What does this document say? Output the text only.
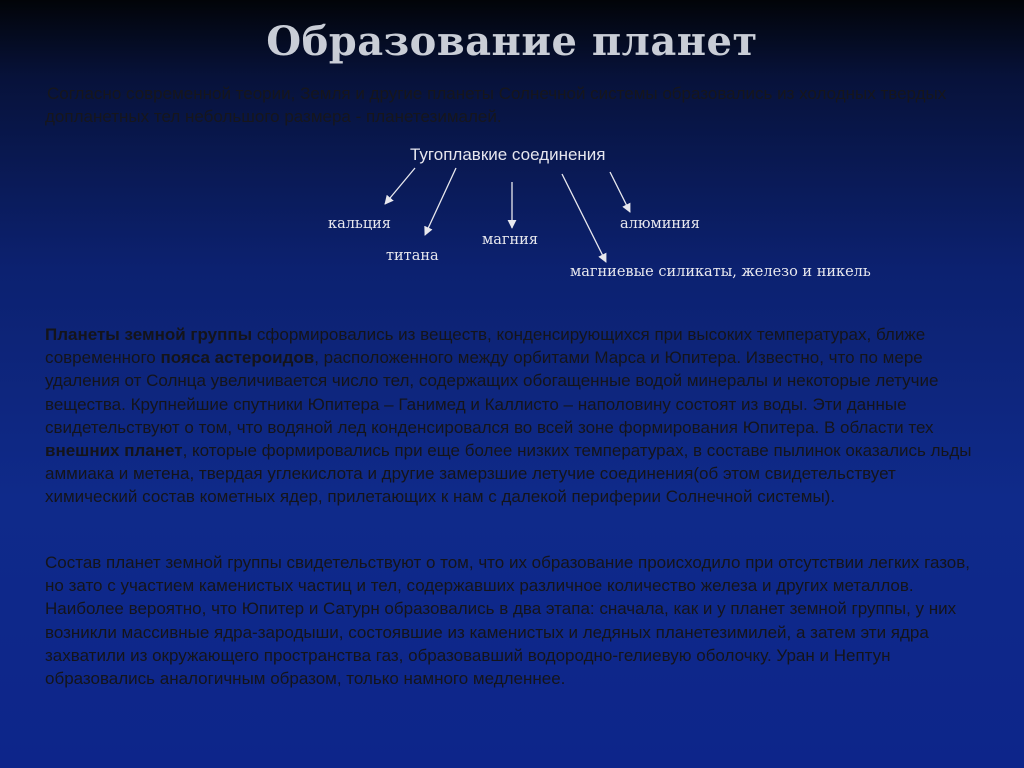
Образование планет
Согласно современной теории, Земля и другие планеты Солнечной системы образовались из холодных твердых допланетных тел небольшого размера - планетезималей.
Тугоплавкие соединения
кальция
титана
магния
алюминия
магниевые силикаты, железо и никель

Планеты земной группы сформировались из веществ, конденсирующихся при высоких температурах, ближе современного пояса астероидов, расположенного между орбитами Марса и Юпитера. Известно, что по мере удаления от Солнца увеличивается число тел, содержащих обогащенные водой минералы и некоторые летучие вещества. Крупнейшие спутники Юпитера – Ганимед и Каллисто – наполовину состоят из воды. Эти данные свидетельствуют о том, что водяной лед конденсировался во всей зоне формирования Юпитера. В области тех внешних планет, которые формировались при еще более низких температурах, в составе пылинок оказались льды аммиака и метена, твердая углекислота и другие замерзшие летучие соединения(об этом свидетельствует химический состав кометных ядер, прилетающих к нам с далекой периферии Солнечной системы).

Состав планет земной группы свидетельствуют о том, что их образование происходило при отсутствии легких газов, но зато с участием каменистых частиц и тел, содержавших различное количество железа и других металлов. Наиболее вероятно, что Юпитер и Сатурн образовались в два этапа: сначала, как и у планет земной группы, у них возникли массивные ядра-зародыши, состоявшие из каменистых и ледяных планетезимилей, а затем эти ядра захватили из окружающего пространства газ, образовавший водородно-гелиевую оболочку. Уран и Нептун образовались аналогичным образом, только намного медленнее.
